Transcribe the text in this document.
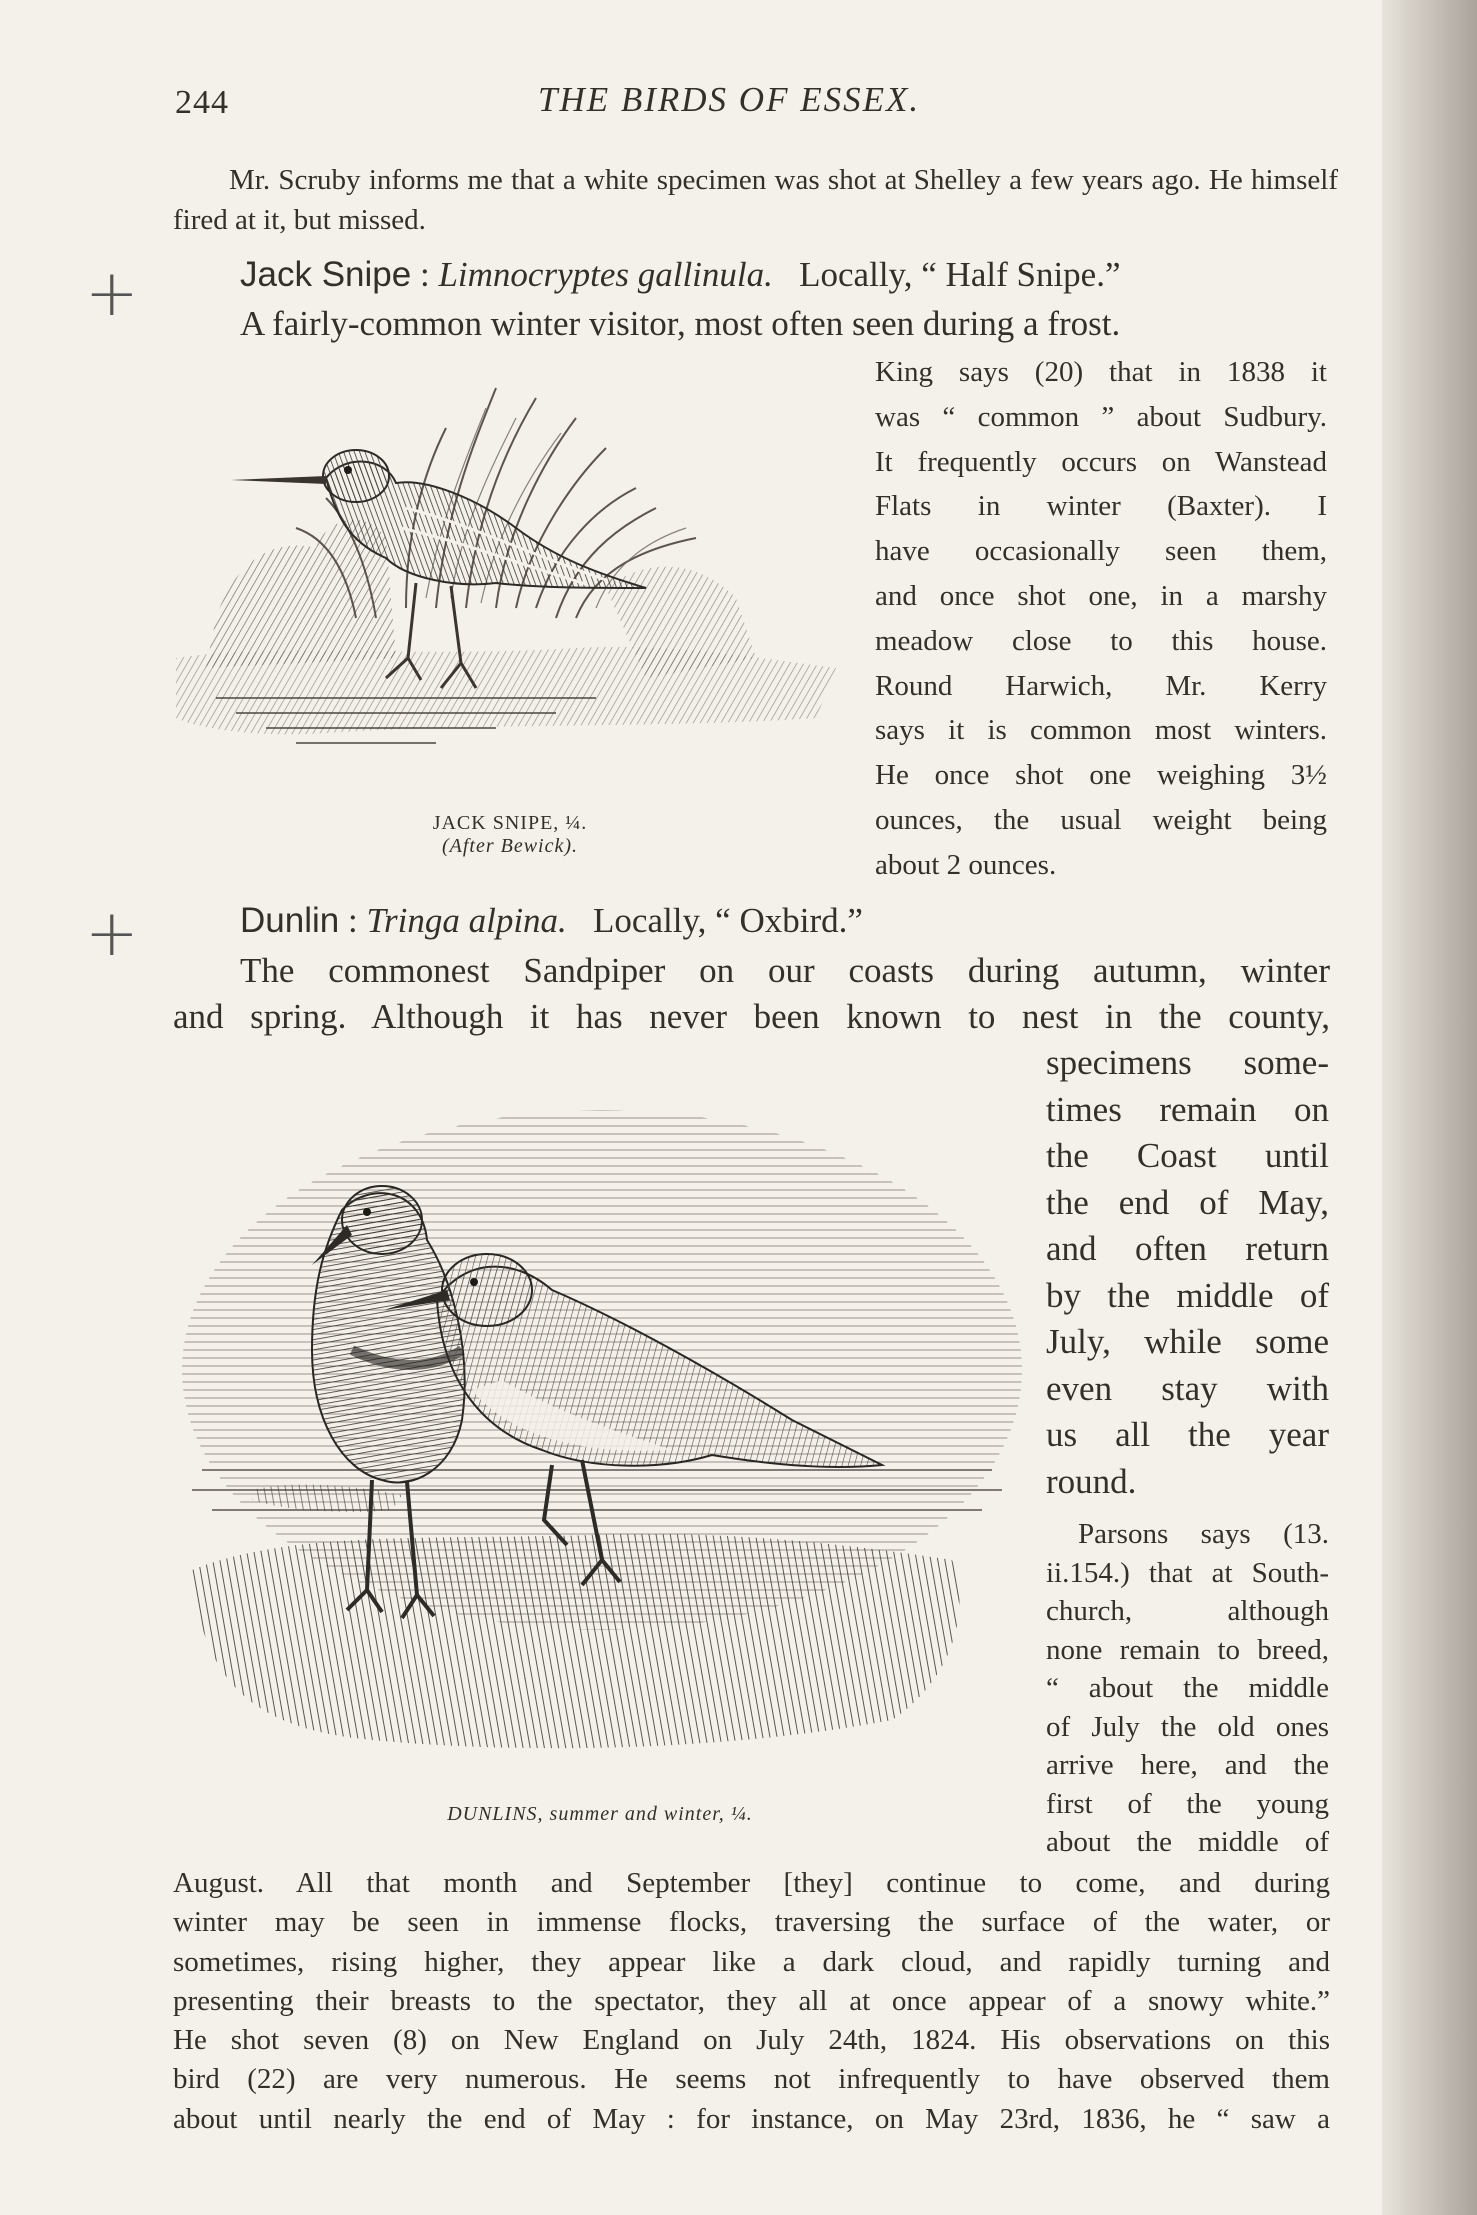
244	THE BIRDS OF ESSEX.

Mr. Scruby informs me that a white specimen was shot at Shelley a few years ago. He himself fired at it, but missed.

+
+
Jack Snipe : Limnocryptes gallinula. Locally, “ Half Snipe.”
A fairly-common winter visitor, most often seen during a frost.
JACK SNIPE, ¼.
(After Bewick).
King says (20) that in 1838 it
was “ common ” about Sudbury.
It frequently occurs on Wanstead
Flats in winter (Baxter). I
have occasionally seen them,
and once shot one, in a marshy
meadow close to this house.
Round Harwich, Mr. Kerry
says it is common most winters.
He once shot one weighing 3½
ounces, the usual weight being
about 2 ounces.
Dunlin : Tringa alpina. Locally, “ Oxbird.”
The commonest Sandpiper on our coasts during autumn, winter
and spring. Although it has never been known to nest in the county,
DUNLINS, summer and winter, ¼.
specimens some-
times remain on
the Coast until
the end of May,
and often return
by the middle of
July, while some
even stay with
us all the year
round.
Parsons says (13.
ii.154.) that at South-
church, although
none remain to breed,
“ about the middle
of July the old ones
arrive here, and the
first of the young
about the middle of
August. All that month and September [they] continue to come, and during
winter may be seen in immense flocks, traversing the surface of the water, or
sometimes, rising higher, they appear like a dark cloud, and rapidly turning and
presenting their breasts to the spectator, they all at once appear of a snowy white.”
He shot seven (8) on New England on July 24th, 1824. His observations on this
bird (22) are very numerous. He seems not infrequently to have observed them
about until nearly the end of May : for instance, on May 23rd, 1836, he “ saw a
